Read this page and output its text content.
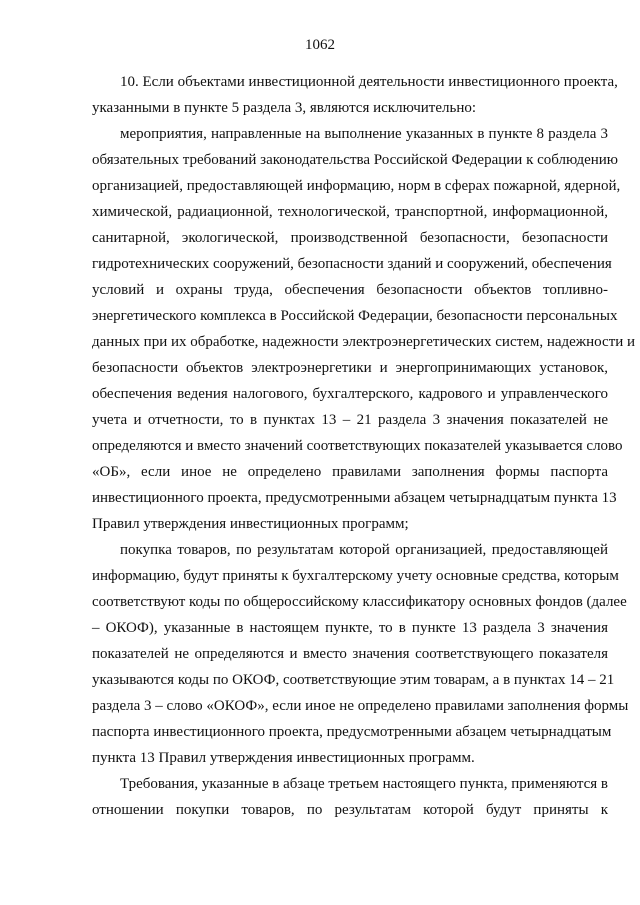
1062
10. Если объектами инвестиционной деятельности инвестиционного проекта,
указанными в пункте 5 раздела 3, являются исключительно:
мероприятия, направленные на выполнение указанных в пункте 8 раздела 3
обязательных требований законодательства Российской Федерации к соблюдению
организацией, предоставляющей информацию, норм в сферах пожарной, ядерной,
химической, радиационной, технологической, транспортной, информационной,
санитарной, экологической, производственной безопасности, безопасности
гидротехнических сооружений, безопасности зданий и сооружений, обеспечения
условий и охраны труда, обеспечения безопасности объектов топливно-
энергетического комплекса в Российской Федерации, безопасности персональных
данных при их обработке, надежности электроэнергетических систем, надежности и
безопасности объектов электроэнергетики и энергопринимающих установок,
обеспечения ведения налогового, бухгалтерского, кадрового и управленческого
учета и отчетности, то в пунктах 13 – 21 раздела 3 значения показателей не
определяются и вместо значений соответствующих показателей указывается слово
«ОБ», если иное не определено правилами заполнения формы паспорта
инвестиционного проекта, предусмотренными абзацем четырнадцатым пункта 13
Правил утверждения инвестиционных программ;
покупка товаров, по результатам которой организацией, предоставляющей
информацию, будут приняты к бухгалтерскому учету основные средства, которым
соответствуют коды по общероссийскому классификатору основных фондов (далее
– ОКОФ), указанные в настоящем пункте, то в пункте 13 раздела 3 значения
показателей не определяются и вместо значения соответствующего показателя
указываются коды по ОКОФ, соответствующие этим товарам, а в пунктах 14 – 21
раздела 3 – слово «ОКОФ», если иное не определено правилами заполнения формы
паспорта инвестиционного проекта, предусмотренными абзацем четырнадцатым
пункта 13 Правил утверждения инвестиционных программ.
Требования, указанные в абзаце третьем настоящего пункта, применяются в
отношении покупки товаров, по результатам которой будут приняты к
